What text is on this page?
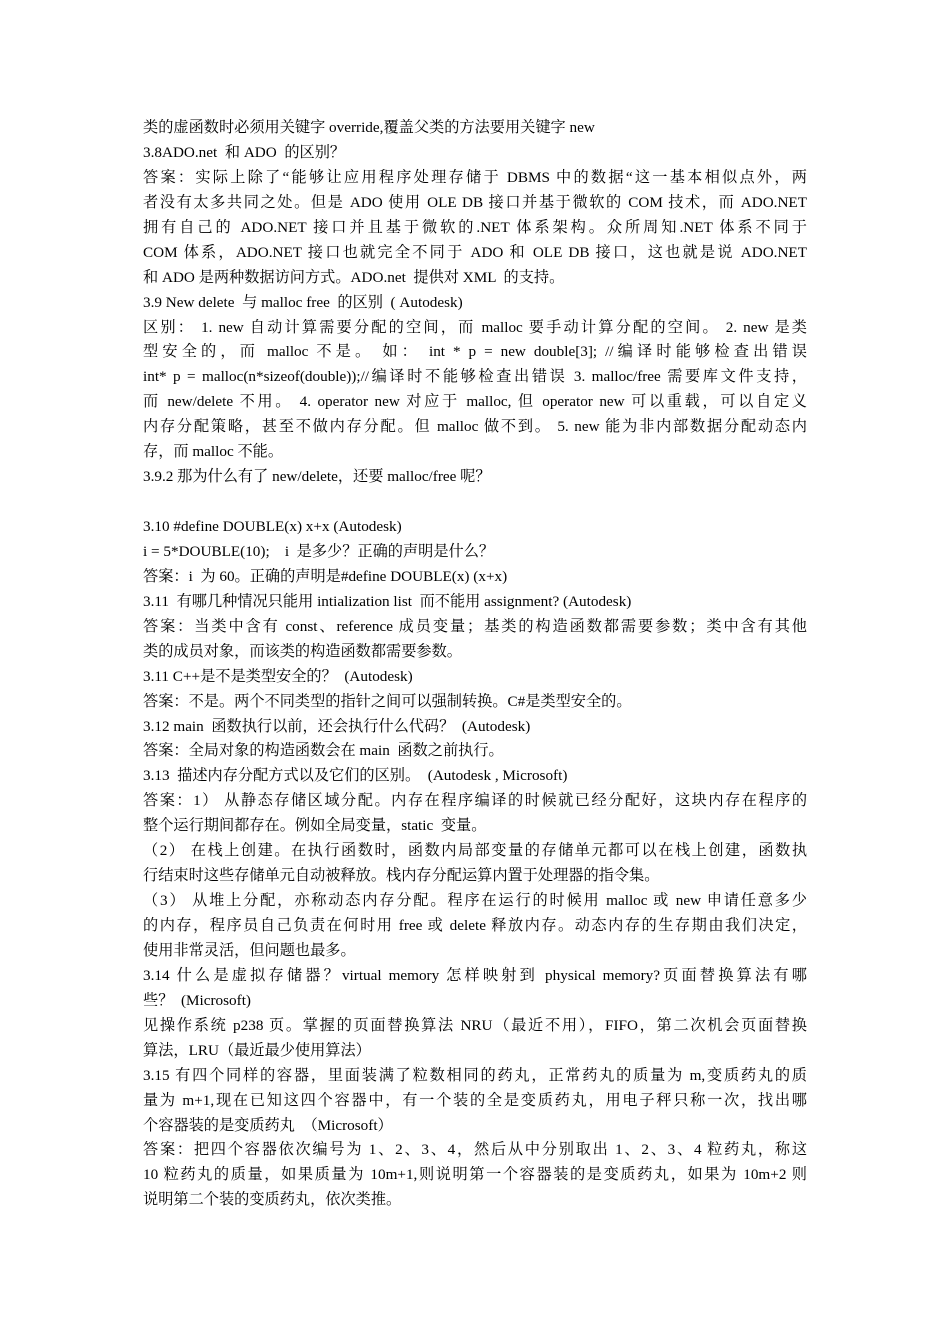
类的虚函数时必须用关键字 override,覆盖父类的方法要用关键字 new
3.8ADO.net  和 ADO  的区别？
答案：实际上除了“能够让应用程序处理存储于 DBMS 中的数据“这一基本相似点外，两
者没有太多共同之处。但是 ADO 使用 OLE DB 接口并基于微软的 COM 技术，而 ADO.NET
拥有自己的 ADO.NET 接口并且基于微软的.NET 体系架构。众所周知.NET 体系不同于
COM 体系，ADO.NET 接口也就完全不同于 ADO 和 OLE DB 接口，这也就是说 ADO.NET
和 ADO 是两种数据访问方式。ADO.net  提供对 XML  的支持。
3.9 New delete  与 malloc free  的区别  ( Autodesk)
区别： 1. new 自动计算需要分配的空间，而 malloc 要手动计算分配的空间。 2. new 是类
型安全的，而 malloc 不是。 如： int * p = new double[3]; //编译时能够检查出错误
int* p = malloc(n*sizeof(double));//编译时不能够检查出错误 3. malloc/free 需要库文件支持，
而 new/delete 不用。 4. operator new 对应于 malloc, 但 operator new 可以重载，可以自定义
内存分配策略，甚至不做内存分配。但 malloc 做不到。 5. new 能为非内部数据分配动态内
存，而 malloc 不能。
3.9.2 那为什么有了 new/delete，还要 malloc/free 呢？
3.10 #define DOUBLE(x) x+x (Autodesk)
i = 5*DOUBLE(10);    i  是多少？正确的声明是什么？
答案：i  为 60。正确的声明是#define DOUBLE(x) (x+x)
3.11  有哪几种情况只能用 intialization list  而不能用 assignment? (Autodesk)
答案：当类中含有 const、reference 成员变量；基类的构造函数都需要参数；类中含有其他
类的成员对象，而该类的构造函数都需要参数。
3.11 C++是不是类型安全的？  (Autodesk)
答案：不是。两个不同类型的指针之间可以强制转换。C#是类型安全的。
3.12 main  函数执行以前，还会执行什么代码？  (Autodesk)
答案：全局对象的构造函数会在 main  函数之前执行。
3.13  描述内存分配方式以及它们的区别。  (Autodesk , Microsoft)
答案：1） 从静态存储区域分配。内存在程序编译的时候就已经分配好，这块内存在程序的
整个运行期间都存在。例如全局变量，static  变量。
（2） 在栈上创建。在执行函数时，函数内局部变量的存储单元都可以在栈上创建，函数执
行结束时这些存储单元自动被释放。栈内存分配运算内置于处理器的指令集。
（3） 从堆上分配，亦称动态内存分配。程序在运行的时候用 malloc 或 new 申请任意多少
的内存，程序员自己负责在何时用 free 或 delete 释放内存。动态内存的生存期由我们决定，
使用非常灵活，但问题也最多。
3.14 什么是虚拟存储器？virtual memory 怎样映射到 physical memory?页面替换算法有哪
些？  (Microsoft)
见操作系统 p238 页。掌握的页面替换算法 NRU（最近不用），FIFO，第二次机会页面替换
算法，LRU（最近最少使用算法）
3.15 有四个同样的容器，里面装满了粒数相同的药丸，正常药丸的质量为 m,变质药丸的质
量为 m+1,现在已知这四个容器中，有一个装的全是变质药丸，用电子秤只称一次，找出哪
个容器装的是变质药丸  （Microsoft）
答案：把四个容器依次编号为 1、2、3、4，然后从中分别取出 1、2、3、4 粒药丸，称这
10 粒药丸的质量，如果质量为 10m+1,则说明第一个容器装的是变质药丸，如果为 10m+2 则
说明第二个装的变质药丸，依次类推。
